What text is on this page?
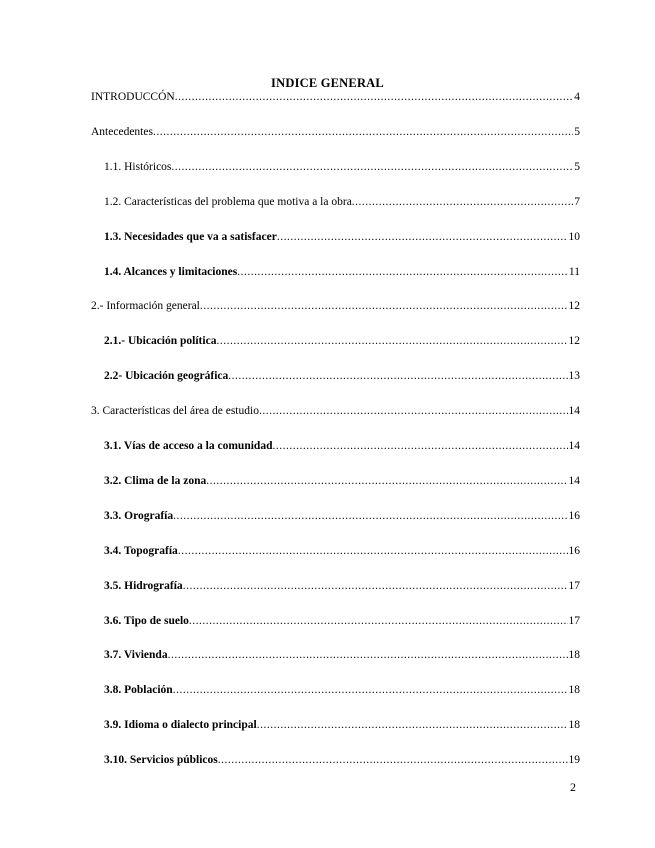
INDICE GENERAL
INTRODUCCÓN .....	4
Antecedentes .....	5
1.1. Históricos .....	5
1.2. Características del problema que motiva a la obra .....	7
1.3. Necesidades que va a satisfacer .....	10
1.4. Alcances y limitaciones .....	11
2.- Información general .....	12
2.1.- Ubicación política .....	12
2.2- Ubicación geográfica .....	13
3. Características del área de estudio .....	14
3.1. Vías de acceso a la comunidad .....	14
3.2. Clima de la zona .....	14
3.3. Orografía .....	16
3.4. Topografía .....	16
3.5. Hidrografía .....	17
3.6. Tipo de suelo .....	17
3.7. Vivienda .....	18
3.8. Población .....	18
3.9. Idioma o dialecto principal .....	18
3.10. Servicios públicos .....	19
2
